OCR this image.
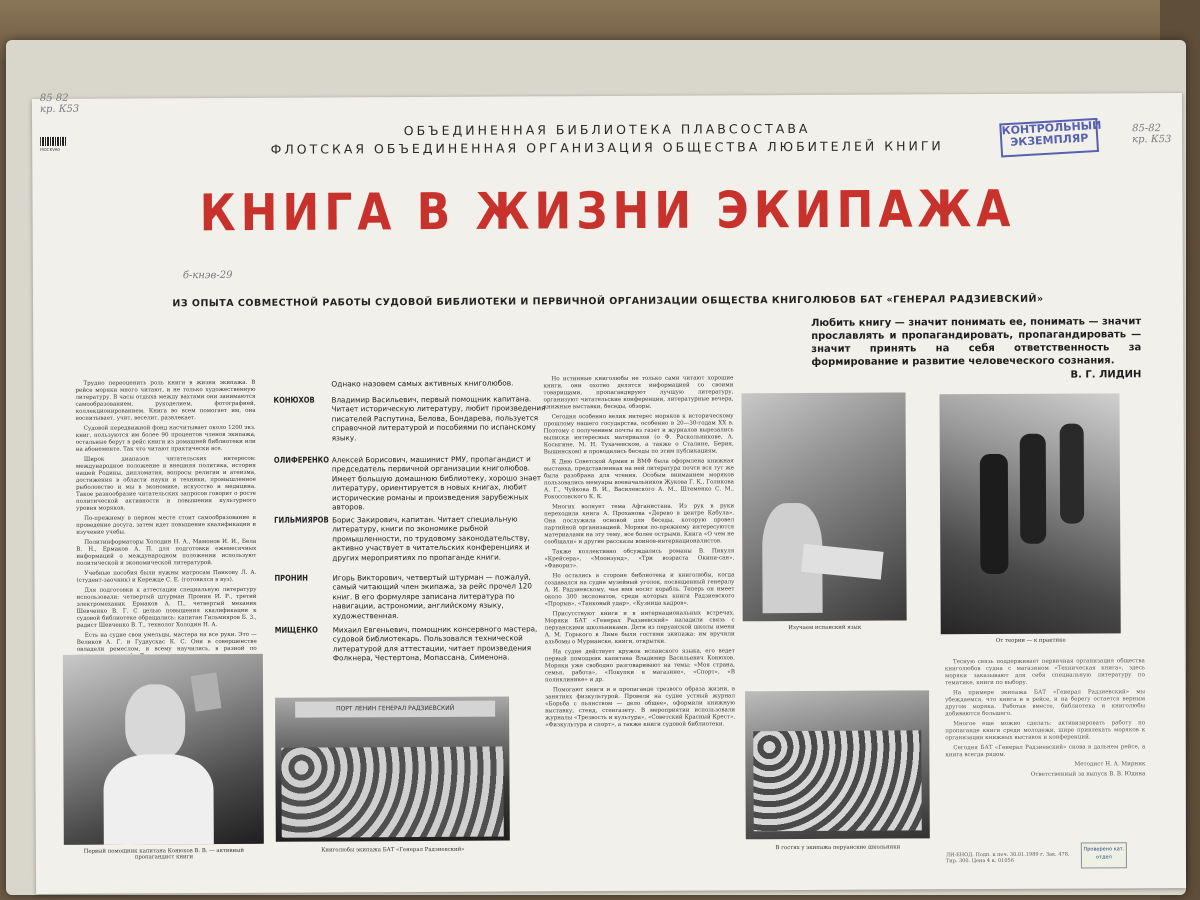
85 82 кр. К53
б-кнэв-29
85-82 кр. К53
MOCKVA0
КОНТРОЛЬНЫЙ ЭКЗЕМПЛЯР
ОБЪЕДИНЕННАЯ БИБЛИОТЕКА ПЛАВСОСТАВА
ФЛОТСКАЯ ОБЪЕДИНЕННАЯ ОРГАНИЗАЦИЯ ОБЩЕСТВА ЛЮБИТЕЛЕЙ КНИГИ
КНИГА В ЖИЗНИ ЭКИПАЖА
ИЗ ОПЫТА СОВМЕСТНОЙ РАБОТЫ СУДОВОЙ БИБЛИОТЕКИ И ПЕРВИЧНОЙ ОРГАНИЗАЦИИ ОБЩЕСТВА КНИГОЛЮБОВ БАТ «ГЕНЕРАЛ РАДЗИЕВСКИЙ»
Любить книгу — значит понимать ее, понимать — значит прославлять и пропагандировать, пропагандировать — значит принять на себя ответственность за формирование и развитие человеческого сознания.
В. Г. ЛИДИН

Трудно переоценить роль книги в жизни экипажа. В рейсе моряки много читают, и не только художественную литературу. В часы отдыха между вахтами они занимаются самообразованием, рукоделием, фотографией, коллекционированием. Книга во всем помогает им, она воспитывает, учит, веселит, развлекает.

Судовой передвижной фонд насчитывает около 1200 экз. книг, пользуются им более 90 процентов членов экипажа, остальные берут в рейс книги из домашней библиотеки или на абонементе. Так что читают практически все.

Широк диапазон читательских интересов: международное положение и внешняя политика, история нашей Родины, дипломатия, вопросы религии и атеизма, достижения в области науки и техники, промышленное рыболовство и мы в экономике, искусство и медицина. Такое разнообразие читательских запросов говорит о росте политической активности и повышении культурного уровня моряков.

По-прежнему в первом месте стоит самообразование и проведение досуга, затем идет повышение квалификации и изучение учебы.

Политинформаторы Холодин Н. А., Мамонов И. И., Бела В. Н., Ермаков А. П. для подготовки ежемесячных информаций о международном положении используют политической и экономической литературой.

Учебные пособия были нужны матросам Панкову Л. А. (студент-заочник) и Кережце С. Е. (готовился в вуз).

Для подготовки к аттестации специальную литературу использовали: четвертый штурман Пронин И. Р., третий электромеханик Ермаков А. П., четвертый механик Шевченко В. Г. С целью повышения квалификации к судовой библиотеке обращались: капитан Гильмияров Б. З., радист Шевченко В. Т., технолог Холодин Н. А.

Есть на судне свои умельцы, мастера на все руки. Это — Великов А. Г. и Гудаускас К. С. Они в совершенстве овладели ремеслом, и всему научились, в разной по

Однако назовем самых активных книголюбов.
КОНЮХОВ	Владимир Васильевич, первый помощник капитана. Читает историческую литературу, любит произведения писателей Распутина, Белова, Бондарева, пользуется справочной литературой и пособиями по испанскому языку.
ОЛИФЕРЕНКО Алексей Борисович, машинист РМУ, пропагандист и председатель первичной организации книголюбов. Имеет большую домашнюю библиотеку, хорошо знает литературу, ориентируется в новых книгах, любит исторические романы и произведения зарубежных авторов.
ГИЛЬМИЯРОВ Борис Закирович, капитан. Читает специальную литературу, книги по экономике рыбной промышленности, по трудовому законодательству, активно участвует в читательских конференциях и других мероприятиях по пропаганде книги.
ПРОНИН	Игорь Викторович, четвертый штурман — пожалуй, самый читающий член экипажа, за рейс прочел 120 книг. В его формуляре записана литература по навигации, астрономии, английскому языку, художественная.
МИЩЕНКО	Михаил Евгеньевич, помощник консервного мастера, судовой библиотекарь. Пользовался технической литературой для аттестации, читает произведения Фолкнера, Честертона, Мопассана, Сименона.

Но истинные книголюбы не только сами читают хорошие книги, они охотно делятся информацией со своими товарищами, пропагандируют лучшую литературу, организуют читательские конференции, литературные вечера, книжные выставки, беседы, обзоры.

Сегодня особенно велик интерес моряков к историческому прошлому нашего государства, особенно в 20—30-годам XX в. Поэтому с получением почты из газет и журналов вырезались выписки интересных материалов (о Ф. Раскольникове, А. Косыгине, М. Н. Тухачевском, а также о Сталине, Берия, Вышинском) и проводились беседы по этим публикациям.

К Дню Советской Армии и ВМФ была оформлена книжная выставка, представленная на ней литература почти вся тут же была разобрана для чтения. Особым вниманием моряков пользовались мемуары военачальников Жукова Г. К., Голикова А. Г., Чуйкова В. И., Василевского А. М., Штеменко С. М., Рокоссовского К. К.

Многих волнует тема Афганистана. Из рук в руки переходила книга А. Прохановa «Дерево в центре Кабула». Она послужила основой для беседы, которую провел партийной организацией. Моряки по-прежнему интересуются материалами на эту тему, все более острыми. Книга «О чем не сообщали» и другие рассказы воинов-интернационалистов.

Также коллективно обсуждались романы В. Пикуля «Крейсера», «Моонзунд», «Три возраста Окини-сан», «Фаворит».

Но остались в стороне библиотека и книголюбы, когда создавался на судне музейный уголок, посвященный генералу А. И. Радзиевскому, чье имя носит корабль. Теперь он имеет около 300 экспонатов, среди которых книги Радзиевского «Прорыв», «Танковый удар», «Кузница кадров».

Присутствуют книги и в интернациональных встречах. Моряки БАТ «Генерал Радзиевский» наладили связь с перуанскими школьниками. Дети из перуанской школы имени А. М. Горького в Лиме были гостями экипажа: им вручили альбомы о Мурманске, книги, открытки.

На судне действует кружок испанского языка, его ведет первый помощник капитана Владимир Васильевич Конюхов. Моряки уже свободно разговаривают на темы: «Моя страна, семья, работа», «Покупки в магазине», «Спорт», «В поликлинике» и др.

Помогают книги и в пропаганде трезвого образа жизни, в занятиях физкультурой. Провели на судне устный журнал «Борьба с пьянством — дело общее», оформили книжную выставку, стенд, стенгазету. В мероприятии использовали журналы «Трезвость и культура», «Советский Красный Крест», «Физкультура и спорт», а также книги судовой библиотеки.

Тесную связь поддерживает первичная организация общества книголюбов судна с магазином «Техническая книга», здесь моряки заказывают для себя специальную литературу по тематике, книги по выбору.

На примере экипажа БАТ «Генерал Радзиевский» мы убеждаемся, что книга и в рейсе, и на берегу остается верным другом моряка. Работая вместе, библиотека и книголюбы добиваются большего.

Многое еще можно сделать: активизировать работу по пропаганде книги среди молодежи, шире привлекать моряков к организации книжных выставок и конференций.

Сегодня БАТ «Генерал Радзиевский» снова в дальнем рейсе, а книга всегда рядом.

Методист Н. А. Мирник

Ответственный за выпуск В. В. Юдина

Первый помощник капитана Конюхов В. В. — активный пропагандист книги
ПОРТ ЛЕНИН ГЕНЕРАЛ РАДЗИЕВСКИЙ
Книголюбы экипажа БАТ «Генерал Радзиевский»
Изучаем испанский язык
От теории — к практике
В гостях у экипажа перуанские школьники
ЛИ-ЕНОД. Подп. к печ. 30.01.1989 г. Зак. 478. Тир. 300. Цена 4 к. 01056
Проверено кат. отдел
